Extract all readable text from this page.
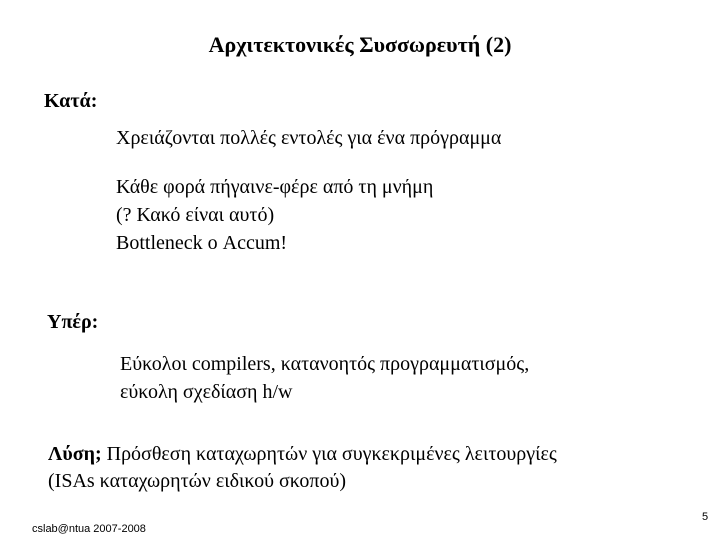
Αρχιτεκτονικές Συσσωρευτή (2)
Κατά:
Χρειάζονται πολλές εντολές για ένα πρόγραμμα
Κάθε φορά πήγαινε-φέρε από τη μνήμη
(? Κακό είναι αυτό)
Bottleneck ο Accum!
Υπέρ:
Εύκολοι compilers, κατανοητός προγραμματισμός,
εύκολη σχεδίαση h/w
Λύση; Πρόσθεση καταχωρητών για συγκεκριμένες λειτουργίες
(ISAs καταχωρητών ειδικού σκοπού)
cslab@ntua 2007-2008
5
